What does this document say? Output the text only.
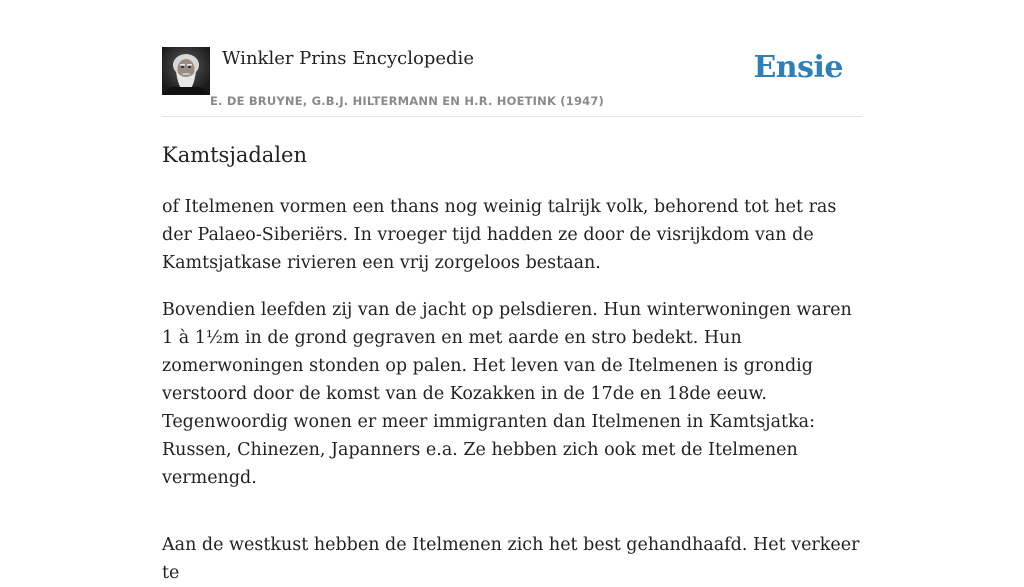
Winkler Prins Encyclopedie
E. DE BRUYNE, G.B.J. HILTERMANN EN H.R. HOETINK (1947)
Ensie
Kamtsjadalen

of Itelmenen vormen een thans nog weinig talrijk volk, behorend tot het ras der Palaeo-Siberiërs. In vroeger tijd hadden ze door de visrijkdom van de Kamtsjatkase rivieren een vrij zorgeloos bestaan.

Bovendien leefden zij van de jacht op pelsdieren. Hun winterwoningen waren 1 à 1½m in de grond gegraven en met aarde en stro bedekt. Hun zomerwoningen stonden op palen. Het leven van de Itelmenen is grondig verstoord door de komst van de Kozakken in de 17de en 18de eeuw. Tegenwoordig wonen er meer immigranten dan Itelmenen in Kamtsjatka: Russen, Chinezen, Japanners e.a. Ze hebben zich ook met de Itelmenen vermengd.

Aan de westkust hebben de Itelmenen zich het best gehandhaafd. Het verkeer te
